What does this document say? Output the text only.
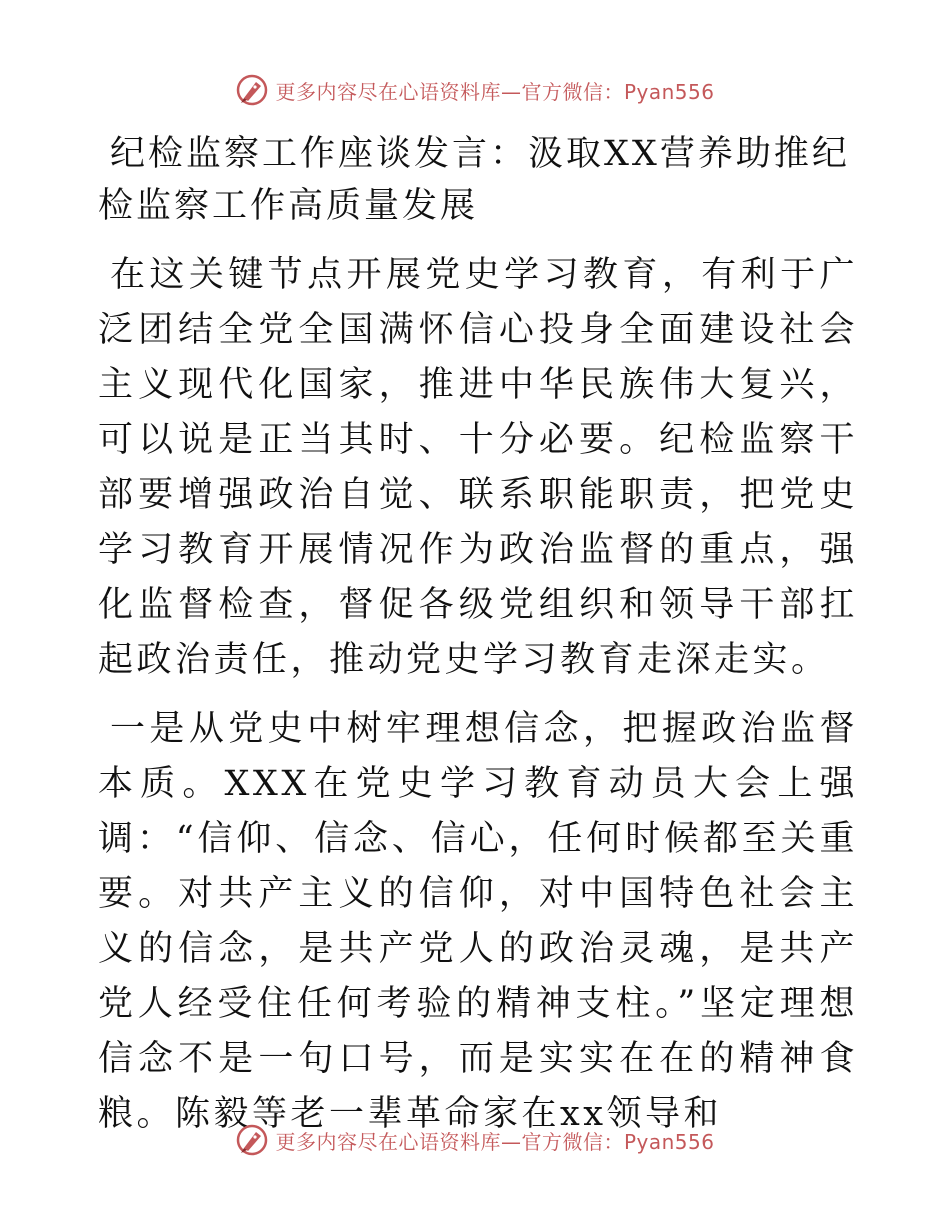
更多内容尽在心语资料库—官方微信：Pyan556
纪检监察工作座谈发言：汲取XX营养助推纪检监察工作高质量发展

在这关键节点开展党史学习教育，有利于广泛团结全党全国满怀信心投身全面建设社会主义现代化国家，推进中华民族伟大复兴，可以说是正当其时、十分必要。纪检监察干部要增强政治自觉、联系职能职责，把党史学习教育开展情况作为政治监督的重点，强化监督检查，督促各级党组织和领导干部扛起政治责任，推动党史学习教育走深走实。

一是从党史中树牢理想信念，把握政治监督本质。XXX在党史学习教育动员大会上强调：“信仰、信念、信心，任何时候都至关重要。对共产主义的信仰，对中国特色社会主义的信念，是共产党人的政治灵魂，是共产党人经受住任何考验的精神支柱。”坚定理想信念不是一句口号，而是实实在在的精神食粮。陈毅等老一辈革命家在xx领导和

更多内容尽在心语资料库—官方微信：Pyan556
